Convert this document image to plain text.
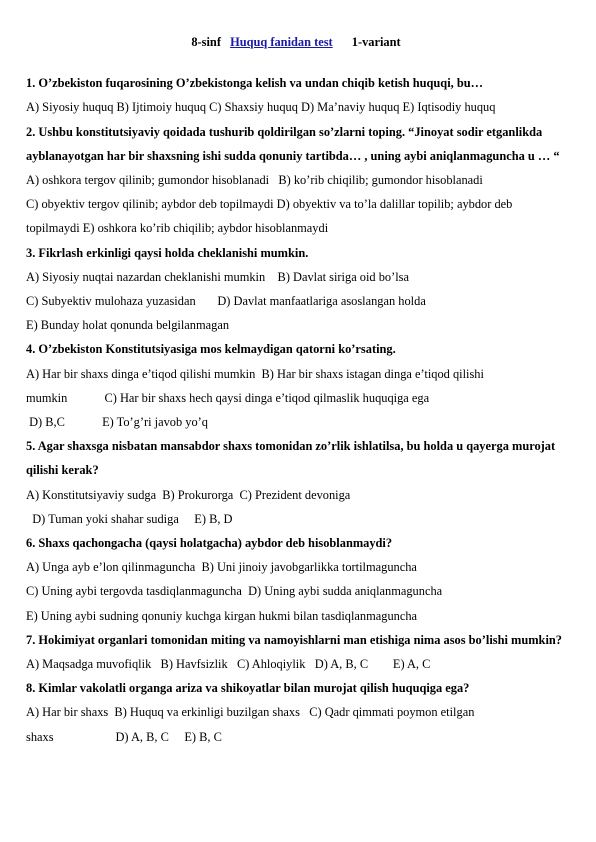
8-sinf Huquq fanidan test 1-variant
1. O’zbekiston fuqarosining O’zbekistonga kelish va undan chiqib ketish huquqi, bu…
A) Siyosiy huquq B) Ijtimoiy huquq C) Shaxsiy huquq D) Ma’naviy huquq E) Iqtisodiy huquq
2. Ushbu konstitutsiyaviy qoidada tushurib qoldirilgan so’zlarni toping. “Jinoyat sodir etganlikda ayblanayotgan har bir shaxsning ishi sudda qonuniy tartibda… , uning aybi aniqlanmaguncha u … “
A) oshkora tergov qilinib; gumondor hisoblanadi   B) ko’rib chiqilib; gumondor hisoblanadi
C) obyektiv tergov qilinib; aybdor deb topilmaydi D) obyektiv va to’la dalillar topilib; aybdor deb topilmaydi E) oshkora ko’rib chiqilib; aybdor hisoblanmaydi
3. Fikrlash erkinligi qaysi holda cheklanishi mumkin.
A) Siyosiy nuqtai nazardan cheklanishi mumkin    B) Davlat siriga oid bo’lsa
C) Subyektiv mulohaza yuzasidan       D) Davlat manfaatlariga asoslangan holda
E) Bunday holat qonunda belgilanmagan
4. O’zbekiston Konstitutsiyasiga mos kelmaydigan qatorni ko’rsating.
A) Har bir shaxs dinga e’tiqod qilishi mumkin  B) Har bir shaxs istagan dinga e’tiqod qilishi
mumkin            C) Har bir shaxs hech qaysi dinga e’tiqod qilmaslik huquqiga ega
D) B,C            E) To’g’ri javob yo’q
5. Agar shaxsga nisbatan mansabdor shaxs tomonidan zo’rlik ishlatilsa, bu holda u qayerga murojat qilishi kerak?
A) Konstitutsiyaviy sudga  B) Prokurorga  C) Prezident devoniga
D) Tuman yoki shahar sudiga     E) B, D
6. Shaxs qachongacha (qaysi holatgacha) aybdor deb hisoblanmaydi?
A) Unga ayb e’lon qilinmaguncha  B) Uni jinoiy javobgarlikka tortilmaguncha
C) Uning aybi tergovda tasdiqlanmaguncha  D) Uning aybi sudda aniqlanmaguncha
E) Uning aybi sudning qonuniy kuchga kirgan hukmi bilan tasdiqlanmaguncha
7. Hokimiyat organlari tomonidan miting va namoyishlarni man etishiga nima asos bo’lishi mumkin?
A) Maqsadga muvofiqlik   B) Havfsizlik   C) Ahloqiylik   D) A, B, C        E) A, C
8. Kimlar vakolatli organga ariza va shikoyatlar bilan murojat qilish huquqiga ega?
A) Har bir shaxs  B) Huquq va erkinligi buzilgan shaxs   C) Qadr qimmati poymon etilgan
shaxs                    D) A, B, C     E) B, C
